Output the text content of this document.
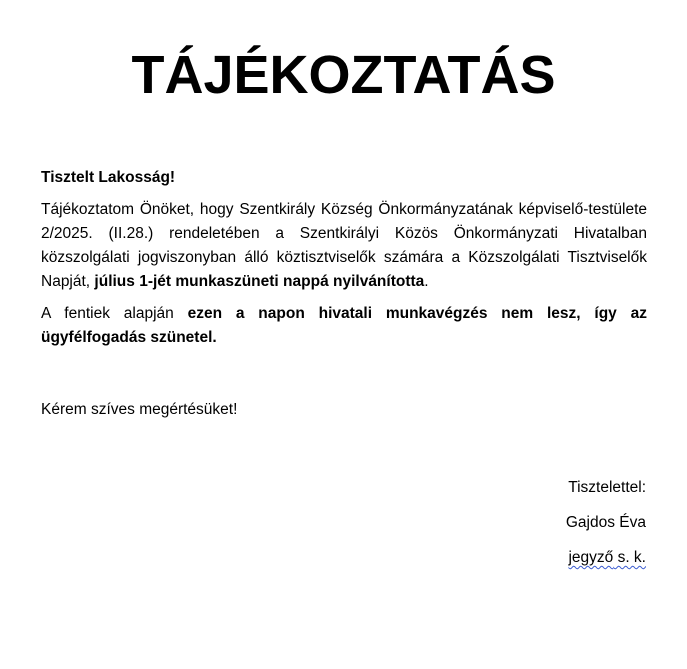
TÁJÉKOZTATÁS

Tisztelt Lakosság!

Tájékoztatom Önöket, hogy Szentkirály Község Önkormányzatának képviselő-testülete 2/2025. (II.28.) rendeletében a Szentkirályi Közös Önkormányzati Hivatalban közszolgálati jogviszonyban álló köztisztviselők számára a Közszolgálati Tisztviselők Napját, július 1-jét munkaszüneti nappá nyilvánította.

A fentiek alapján ezen a napon hivatali munkavégzés nem lesz, így az ügyfélfogadás szünetel.

Kérem szíves megértésüket!

Tisztelettel:
Gajdos Éva
jegyző s. k.
